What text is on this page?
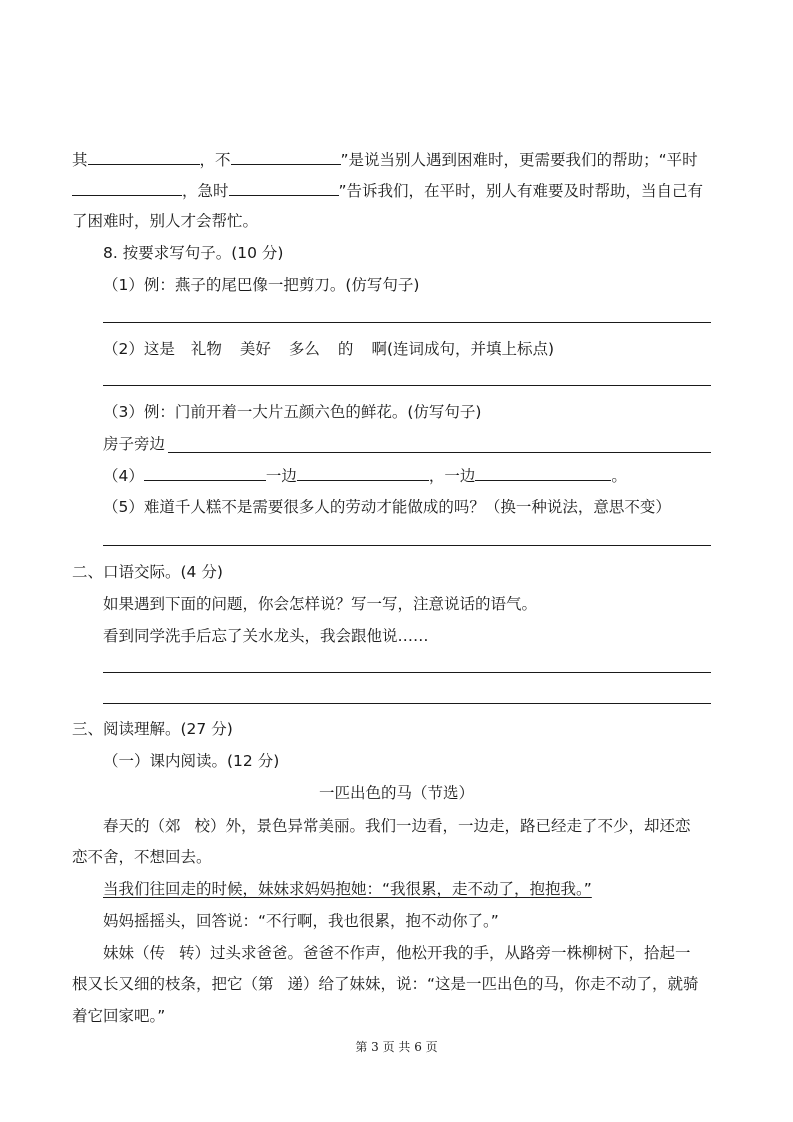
其	，不	”是说当别人遇到困难时，更需要我们的帮助；“平时
，急时	”告诉我们，在平时，别人有难要及时帮助，当自己有
了困难时，别人才会帮忙。
8. 按要求写句子。(10 分)
（1）例：燕子的尾巴像一把剪刀。(仿写句子)
（2）这是 礼物 美好 多么 的 啊(连词成句，并填上标点)
（3）例：门前开着一大片五颜六色的鲜花。(仿写句子)
房子旁边
（4）	一边	，一边	。
（5）难道千人糕不是需要很多人的劳动才能做成的吗？（换一种说法，意思不变）
二、口语交际。(4 分)
如果遇到下面的问题，你会怎样说？写一写，注意说话的语气。
看到同学洗手后忘了关水龙头，我会跟他说……
三、阅读理解。(27 分)
（一）课内阅读。(12 分)
一匹出色的马（节选）
春天的（郊 校）外，景色异常美丽。我们一边看，一边走，路已经走了不少，却还恋
恋不舍，不想回去。
当我们往回走的时候，妹妹求妈妈抱她：“我很累，走不动了，抱抱我。”
妈妈摇摇头，回答说：“不行啊，我也很累，抱不动你了。”
妹妹（传 转）过头求爸爸。爸爸不作声，他松开我的手，从路旁一株柳树下，拾起一
根又长又细的枝条，把它（第 递）给了妹妹，说：“这是一匹出色的马，你走不动了，就骑
着它回家吧。”
第 3 页 共 6 页
